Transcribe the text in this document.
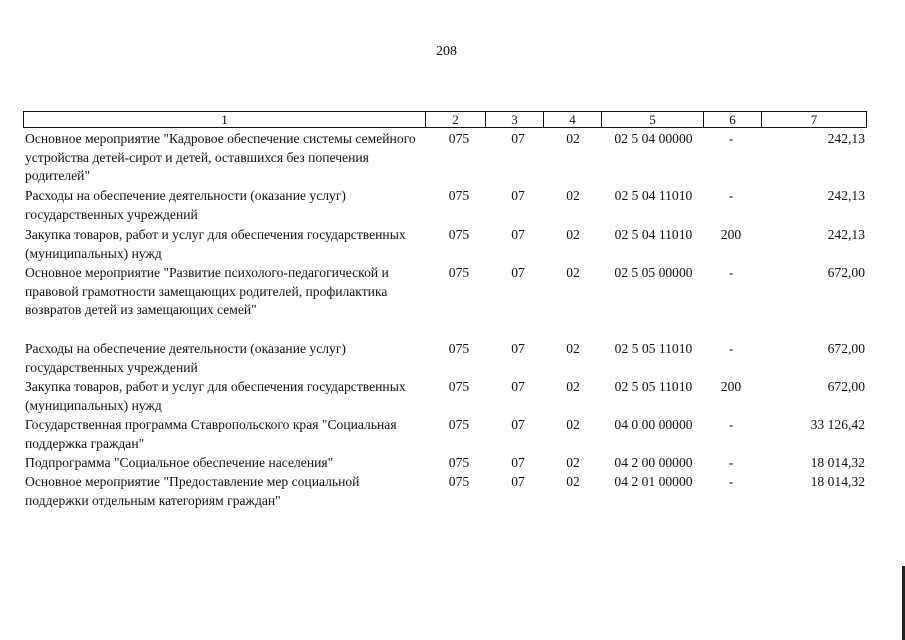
208
1	2	3	4	5	6	7
Основное мероприятие "Кадровое обеспечение системы семейного устройства детей-сирот и детей, оставшихся без попечения родителей"
075	07	02	02 5 04 00000	-	242,13
Расходы на обеспечение деятельности (оказание услуг) государственных учреждений
075	07	02	02 5 04 11010	-	242,13
Закупка товаров, работ и услуг для обеспечения государственных (муниципальных) нужд
075	07	02	02 5 04 11010	200	242,13
Основное мероприятие "Развитие психолого-педагогической и правовой грамотности замещающих родителей, профилактика возвратов детей из замещающих семей"
075	07	02	02 5 05 00000	-	672,00
Расходы на обеспечение деятельности (оказание услуг) государственных учреждений
075	07	02	02 5 05 11010	-	672,00
Закупка товаров, работ и услуг для обеспечения государственных (муниципальных) нужд
075	07	02	02 5 05 11010	200	672,00
Государственная программа Ставропольского края "Социальная поддержка граждан"
075	07	02	04 0 00 00000	-	33 126,42
Подпрограмма "Социальное обеспечение населения"	075	07	02	04 2 00 00000	-	18 014,32
Основное мероприятие "Предоставление мер социальной поддержки отдельным категориям граждан"
075	07	02	04 2 01 00000	-	18 014,32
